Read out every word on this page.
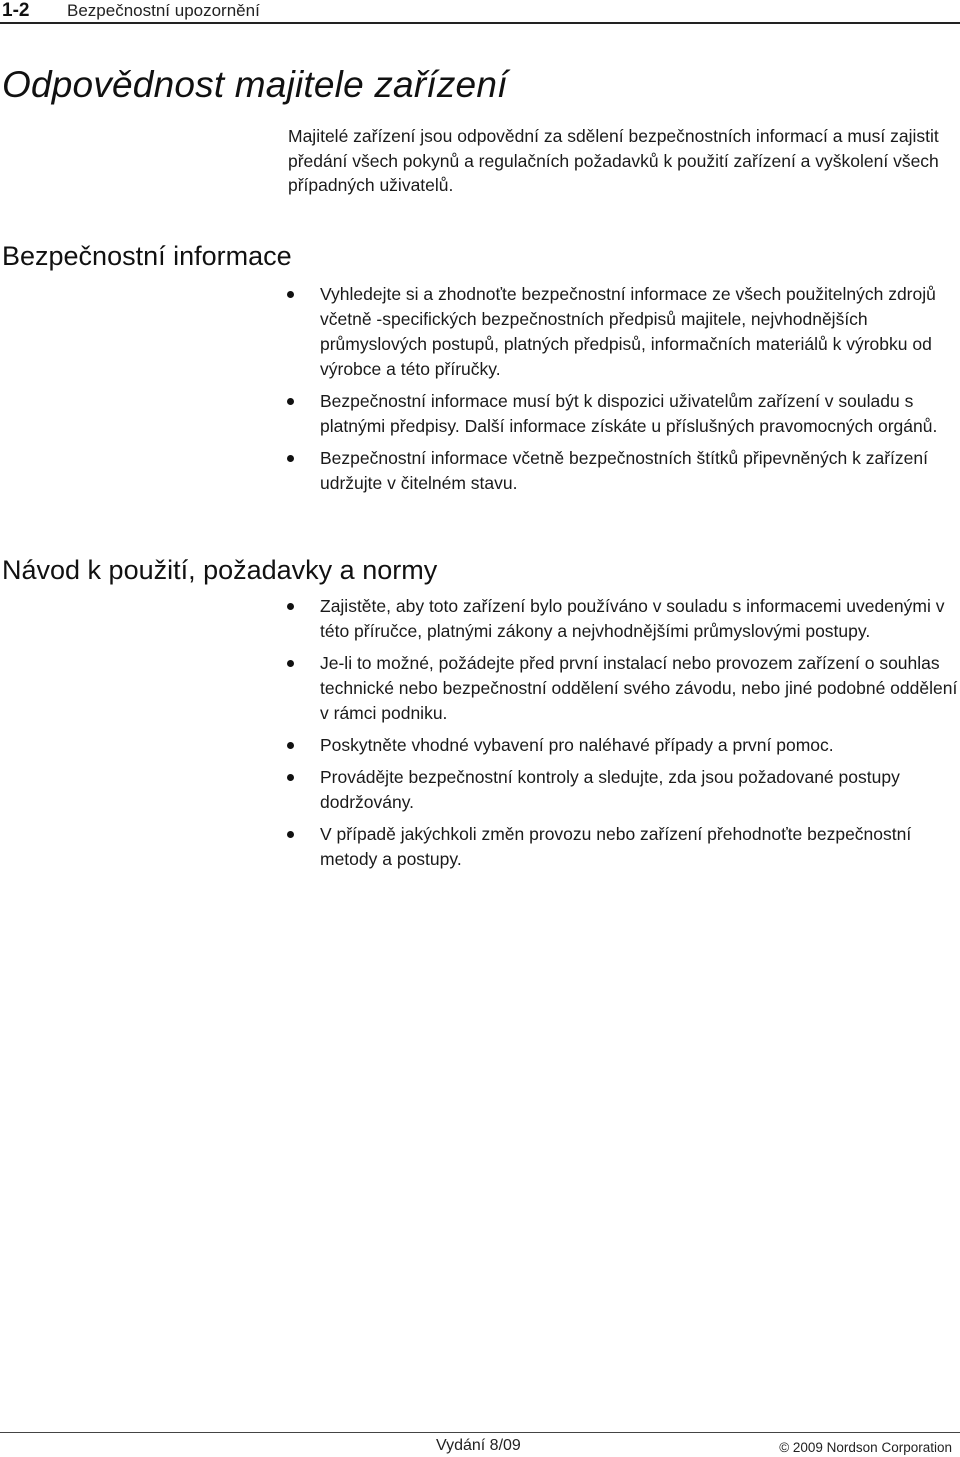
1-2 Bezpečnostní upozornění
Odpovědnost majitele zařízení

Majitelé zařízení jsou odpovědní za sdělení bezpečnostních informací a musí zajistit předání všech pokynů a regulačních požadavků k použití zařízení a vyškolení všech případných uživatelů.

Bezpečnostní informace
Vyhledejte si a zhodnoťte bezpečnostní informace ze všech použitelných zdrojů včetně -specifických bezpečnostních předpisů majitele, nejvhodnějších průmyslových postupů, platných předpisů, informačních materiálů k výrobku od výrobce a této příručky.
Bezpečnostní informace musí být k dispozici uživatelům zařízení v souladu s platnými předpisy. Další informace získáte u příslušných pravomocných orgánů.
Bezpečnostní informace včetně bezpečnostních štítků připevněných k zařízení udržujte v čitelném stavu.
Návod k použití, požadavky a normy
Zajistěte, aby toto zařízení bylo používáno v souladu s informacemi uvedenými v této příručce, platnými zákony a nejvhodnějšími průmyslovými postupy.
Je-li to možné, požádejte před první instalací nebo provozem zařízení o souhlas technické nebo bezpečnostní oddělení svého závodu, nebo jiné podobné oddělení v rámci podniku.
Poskytněte vhodné vybavení pro naléhavé případy a první pomoc.
Provádějte bezpečnostní kontroly a sledujte, zda jsou požadované postupy dodržovány.
V případě jakýchkoli změn provozu nebo zařízení přehodnoťte bezpečnostní metody a postupy.
Vydání 8/09	© 2009 Nordson Corporation
